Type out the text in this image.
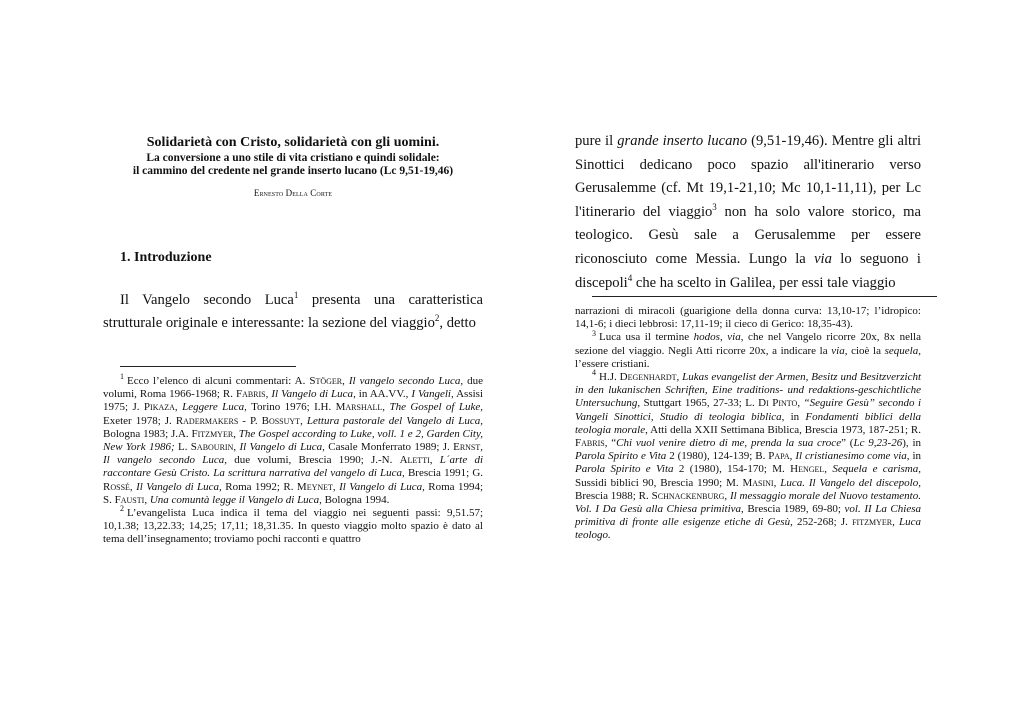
Solidarietà con Cristo, solidarietà con gli uomini.

La conversione a uno stile di vita cristiano e quindi solidale:
il cammino del credente nel grande inserto lucano (Lc 9,51-19,46)

Ernesto Della Corte

1. Introduzione

Il Vangelo secondo Luca$^1$ presenta una caratteristica strutturale originale e interessante: la sezione del viaggio$^2$, detto

$^1$ Ecco l’elenco di alcuni commentari: A. Stöger, Il vangelo secondo Luca, due volumi, Roma 1966-1968; R. Fabris, Il Vangelo di Luca, in AA.VV., I Vangeli, Assisi 1975; J. Pikaza, Leggere Luca, Torino 1976; I.H. Marshall, The Gospel of Luke, Exeter 1978; J. Radermakers - P. Bossuyt, Lettura pastorale del Vangelo di Luca, Bologna 1983; J.A. Fitzmyer, The Gospel according to Luke, voll. 1 e 2, Garden City, New York 1986; L. Sabourin, Il Vangelo di Luca, Casale Monferrato 1989; J. Ernst, Il vangelo secondo Luca, due volumi, Brescia 1990; J.-N. Aletti, L´arte di raccontare Gesù Cristo. La scrittura narrativa del vangelo di Luca, Brescia 1991; G. Rossé, Il Vangelo di Luca, Roma 1992; R. Meynet, Il Vangelo di Luca, Roma 1994; S. Fausti, Una comuntà legge il Vangelo di Luca, Bologna 1994.

$^2$ L’evangelista Luca indica il tema del viaggio nei seguenti passi: 9,51.57; 10,1.38; 13,22.33; 14,25; 17,11; 18,31.35. In questo viaggio molto spazio è dato al tema dell’insegnamento; troviamo pochi racconti e quattro

pure il grande inserto lucano (9,51-19,46). Mentre gli altri Sinottici dedicano poco spazio all'itinerario verso Gerusalemme (cf. Mt 19,1-21,10; Mc 10,1-11,11), per Lc l'itinerario del viaggio$^3$ non ha solo valore storico, ma teologico. Gesù sale a Gerusalemme per essere riconosciuto come Messia. Lungo la via lo seguono i discepoli$^4$ che ha scelto in Galilea, per essi tale viaggio

narrazioni di miracoli (guarigione della donna curva: 13,10-17; l’idropico: 14,1-6; i dieci lebbrosi: 17,11-19; il cieco di Gerico: 18,35-43).

$^3$ Luca usa il termine hodos, via, che nel Vangelo ricorre 20x, 8x nella sezione del viaggio. Negli Atti ricorre 20x, a indicare la via, cioè la sequela, l’essere cristiani.

$^4$ H.J. Degenhardt, Lukas evangelist der Armen, Besitz und Besitzverzicht in den lukanischen Schriften, Eine traditions- und redaktions-geschichtliche Untersuchung, Stuttgart 1965, 27-33; L. Di Pinto, “Seguire Gesù” secondo i Vangeli Sinottici, Studio di teologia biblica, in Fondamenti biblici della teologia morale, Atti della XXII Settimana Biblica, Brescia 1973, 187-251; R. Fabris, “Chi vuol venire dietro di me, prenda la sua croce” (Lc 9,23-26), in Parola Spirito e Vita 2 (1980), 124-139; B. Papa, Il cristianesimo come via, in Parola Spirito e Vita 2 (1980), 154-170; M. Hengel, Sequela e carisma, Sussidi biblici 90, Brescia 1990; M. Masini, Luca. Il Vangelo del discepolo, Brescia 1988; R. Schnackenburg, Il messaggio morale del Nuovo testamento. Vol. I Da Gesù alla Chiesa primitiva, Brescia 1989, 69-80; vol. II La Chiesa primitiva di fronte alle esigenze etiche di Gesù, 252-268; J. fitzmyer, Luca teologo.
